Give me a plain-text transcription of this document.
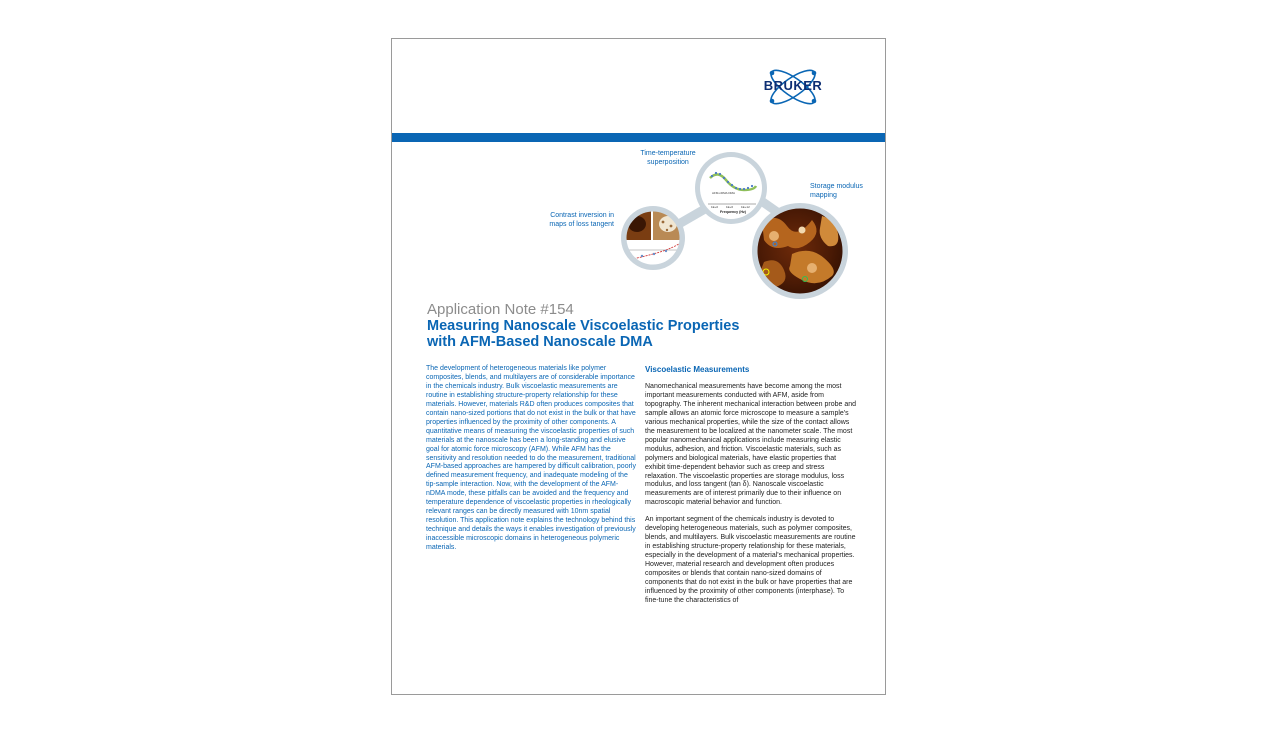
BRUKER
AFM-nDMA DMA
1E+0	1E+6	1E+12
Frequency (Hz)
Time-temperature superposition
Storage modulus mapping
Contrast inversion in maps of loss tangent
Application Note #154
Measuring Nanoscale Viscoelastic Properties
with AFM-Based Nanoscale DMA

The development of heterogeneous materials like polymer composites, blends, and multilayers are of considerable importance in the chemicals industry. Bulk viscoelastic measurements are routine in establishing structure-property relationship for these materials. However, materials R&D often produces composites that contain nano-sized portions that do not exist in the bulk or that have properties influenced by the proximity of other components. A quantitative means of measuring the viscoelastic properties of such materials at the nanoscale has been a long-standing and elusive goal for atomic force microscopy (AFM). While AFM has the sensitivity and resolution needed to do the measurement, traditional AFM-based approaches are hampered by difficult calibration, poorly defined measurement frequency, and inadequate modeling of the tip-sample interaction. Now, with the development of the AFM-nDMA mode, these pitfalls can be avoided and the frequency and temperature dependence of viscoelastic properties in rheologically relevant ranges can be directly measured with 10nm spatial resolution. This application note explains the technology behind this technique and details the ways it enables investigation of previously inaccessible microscopic domains in heterogeneous polymeric materials.

Viscoelastic Measurements

Nanomechanical measurements have become among the most important measurements conducted with AFM, aside from topography. The inherent mechanical interaction between probe and sample allows an atomic force microscope to measure a sample's various mechanical properties, while the size of the contact allows the measurement to be localized at the nanometer scale. The most popular nanomechanical applications include measuring elastic modulus, adhesion, and friction. Viscoelastic materials, such as polymers and biological materials, have elastic properties that exhibit time-dependent behavior such as creep and stress relaxation. The viscoelastic properties are storage modulus, loss modulus, and loss tangent (tan δ). Nanoscale viscoelastic measurements are of interest primarily due to their influence on macroscopic material behavior and function.

An important segment of the chemicals industry is devoted to developing heterogeneous materials, such as polymer composites, blends, and multilayers. Bulk viscoelastic measurements are routine in establishing structure-property relationship for these materials, especially in the development of a material's mechanical properties. However, material research and development often produces composites or blends that contain nano-sized domains of components that do not exist in the bulk or have properties that are influenced by the proximity of other components (interphase). To fine-tune the characteristics of
